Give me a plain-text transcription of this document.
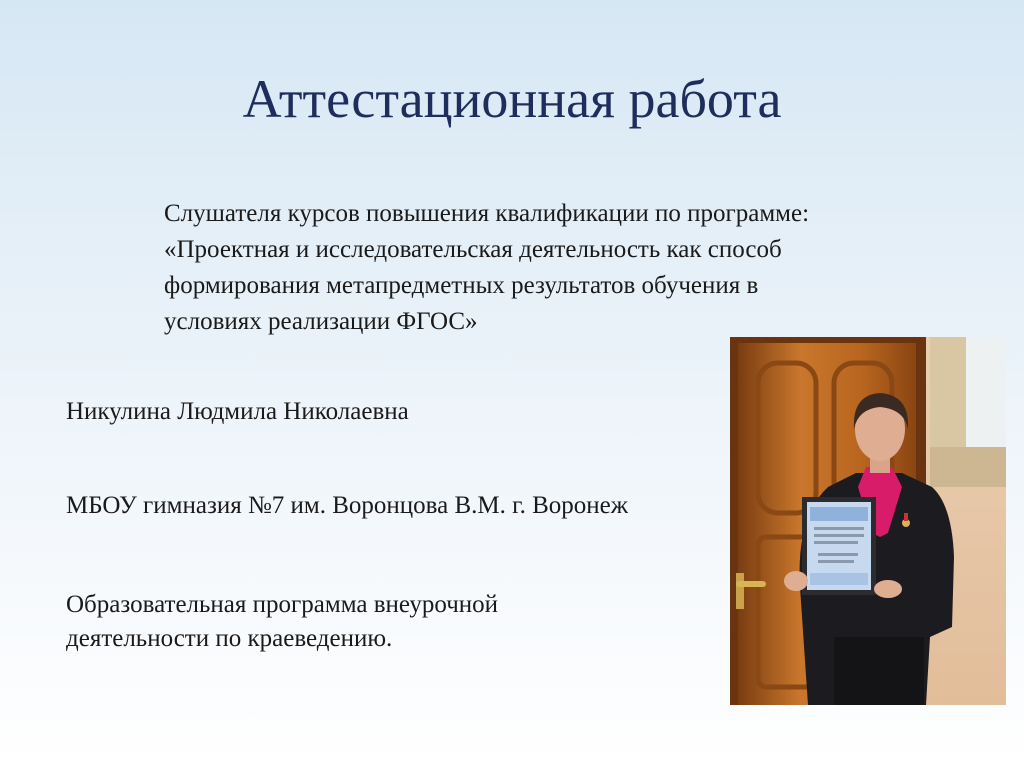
Аттестационная работа

Слушателя курсов повышения квалификации по программе:
«Проектная и исследовательская деятельность как способ
формирования метапредметных результатов обучения в
условиях реализации ФГОС»

Никулина Людмила Николаевна
МБОУ гимназия №7 им. Воронцова В.М. г. Воронеж
Образовательная программа внеурочной
деятельности по краеведению.
